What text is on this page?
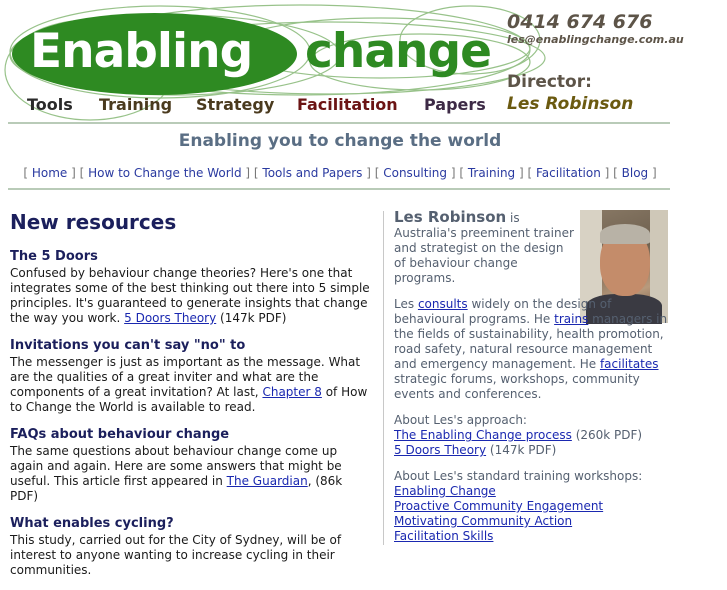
Enabling change
0414 674 676
les@enablingchange.com.au
Director:
Les Robinson
Tools Training Strategy Facilitation Papers
Enabling you to change the world
[ Home ] [ How to Change the World ] [ Tools and Papers ] [ Consulting ] [ Training ] [ Facilitation ] [ Blog ]
New resources
The 5 Doors

Confused by behaviour change theories? Here's one that integrates some of the best thinking out there into 5 simple principles. It's guaranteed to generate insights that change the way you work. 5 Doors Theory (147k PDF)

Invitations you can't say "no" to

The messenger is just as important as the message. What are the qualities of a great inviter and what are the components of a great invitation? At last, Chapter 8 of How to Change the World is available to read.

FAQs about behaviour change

The same questions about behaviour change come up again and again. Here are some answers that might be useful. This article first appeared in The Guardian, (86k PDF)

What enables cycling?

This study, carried out for the City of Sydney, will be of interest to anyone wanting to increase cycling in their communities.

Les Robinson is Australia's preeminent trainer and strategist on the design of behaviour change programs.

Les consults widely on the design of behavioural programs. He trains managers in the fields of sustainability, health promotion, road safety, natural resource management and emergency management. He facilitates strategic forums, workshops, community events and conferences.

About Les's approach:
The Enabling Change process (260k PDF)
5 Doors Theory (147k PDF)

About Les's standard training workshops:
Enabling Change
Proactive Community Engagement
Motivating Community Action
Facilitation Skills
